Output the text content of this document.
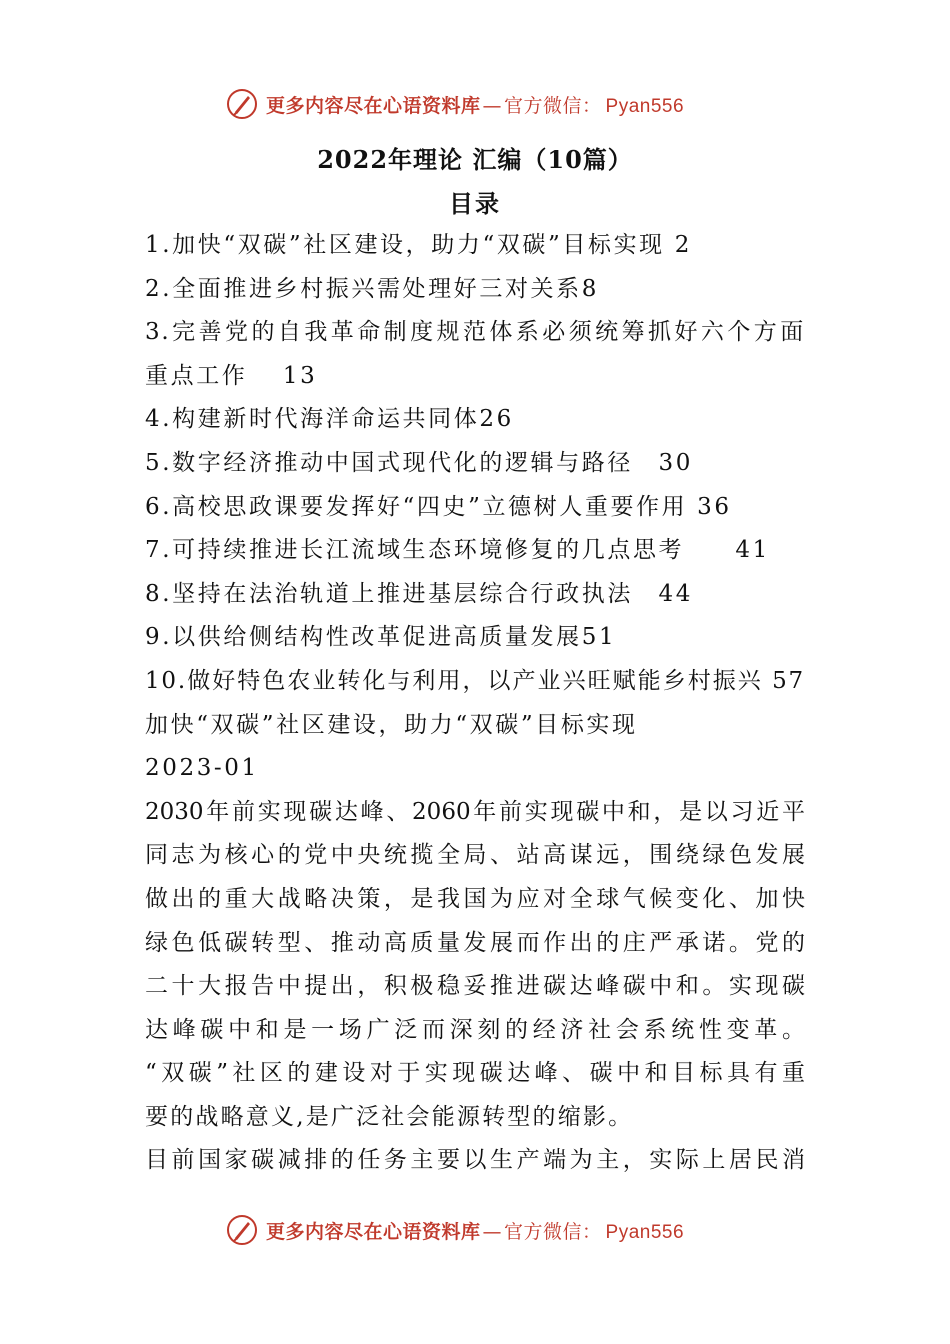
更多内容尽在心语资料库 — 官方微信： Pyan556
2022年理论 汇编（10篇）
目录
1.加快“双碳”社区建设，助力“双碳”目标实现 2
2.全面推进乡村振兴需处理好三对关系8
3.完善党的自我革命制度规范体系必须统筹抓好六个方面
重点工作　 13
4.构建新时代海洋命运共同体26
5.数字经济推动中国式现代化的逻辑与路径　30
6.高校思政课要发挥好“四史”立德树人重要作用 36
7.可持续推进长江流域生态环境修复的几点思考　　41
8.坚持在法治轨道上推进基层综合行政执法　44
9.以供给侧结构性改革促进高质量发展51
10.做好特色农业转化与利用，以产业兴旺赋能乡村振兴 57
加快“双碳”社区建设，助力“双碳”目标实现
2023-01
2030年前实现碳达峰、2060年前实现碳中和，是以习近平
同志为核心的党中央统揽全局、站高谋远，围绕绿色发展
做出的重大战略决策，是我国为应对全球气候变化、加快
绿色低碳转型、推动高质量发展而作出的庄严承诺。党的
二十大报告中提出，积极稳妥推进碳达峰碳中和。实现碳
达峰碳中和是一场广泛而深刻的经济社会系统性变革。
“双碳”社区的建设对于实现碳达峰、碳中和目标具有重
要的战略意义,是广泛社会能源转型的缩影。
目前国家碳减排的任务主要以生产端为主，实际上居民消
更多内容尽在心语资料库 — 官方微信： Pyan556
